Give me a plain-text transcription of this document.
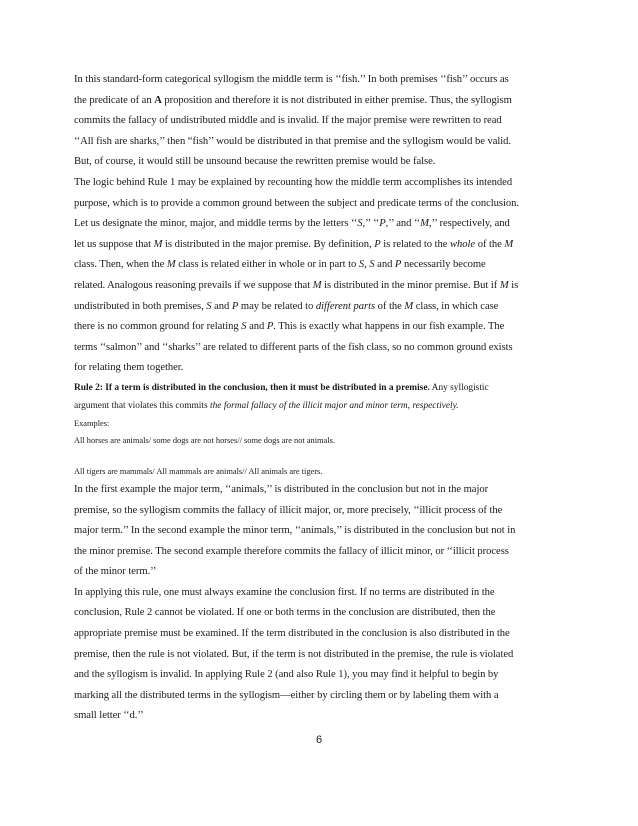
In this standard-form categorical syllogism the middle term is ‘‘fish.’’ In both premises ‘‘fish’’ occurs as
the predicate of an A proposition and therefore it is not distributed in either premise. Thus, the syllogism
commits the fallacy of undistributed middle and is invalid. If the major premise were rewritten to read
‘‘All fish are sharks,’’ then “fish’’ would be distributed in that premise and the syllogism would be valid.
But, of course, it would still be unsound because the rewritten premise would be false.
The logic behind Rule 1 may be explained by recounting how the middle term accomplishes its intended
purpose, which is to provide a common ground between the subject and predicate terms of the conclusion.
Let us designate the minor, major, and middle terms by the letters ‘‘S,’’ ‘‘P,’’ and ‘‘M,’’ respectively, and
let us suppose that M is distributed in the major premise. By definition, P is related to the whole of the M
class. Then, when the M class is related either in whole or in part to S, S and P necessarily become
related. Analogous reasoning prevails if we suppose that M is distributed in the minor premise. But if M is
undistributed in both premises, S and P may be related to different parts of the M class, in which case
there is no common ground for relating S and P. This is exactly what happens in our fish example. The
terms ‘‘salmon’’ and ‘‘sharks’’ are related to different parts of the fish class, so no common ground exists
for relating them together.
Rule 2: If a term is distributed in the conclusion, then it must be distributed in a premise. Any syllogistic
argument that violates this commits the formal fallacy of the illicit major and minor term, respectively.
Examples:
All horses are animals/ some dogs are not horses// some dogs are not animals.
All tigers are mammals/ All mammals are animals// All animals are tigers.
In the first example the major term, ‘‘animals,’’ is distributed in the conclusion but not in the major
premise, so the syllogism commits the fallacy of illicit major, or, more precisely, ‘‘illicit process of the
major term.’’ In the second example the minor term, ‘‘animals,’’ is distributed in the conclusion but not in
the minor premise. The second example therefore commits the fallacy of illicit minor, or ‘‘illicit process
of the minor term.’’
In applying this rule, one must always examine the conclusion first. If no terms are distributed in the
conclusion, Rule 2 cannot be violated. If one or both terms in the conclusion are distributed, then the
appropriate premise must be examined. If the term distributed in the conclusion is also distributed in the
premise, then the rule is not violated. But, if the term is not distributed in the premise, the rule is violated
and the syllogism is invalid. In applying Rule 2 (and also Rule 1), you may find it helpful to begin by
marking all the distributed terms in the syllogism—either by circling them or by labeling them with a
small letter ‘‘d.’’
6
